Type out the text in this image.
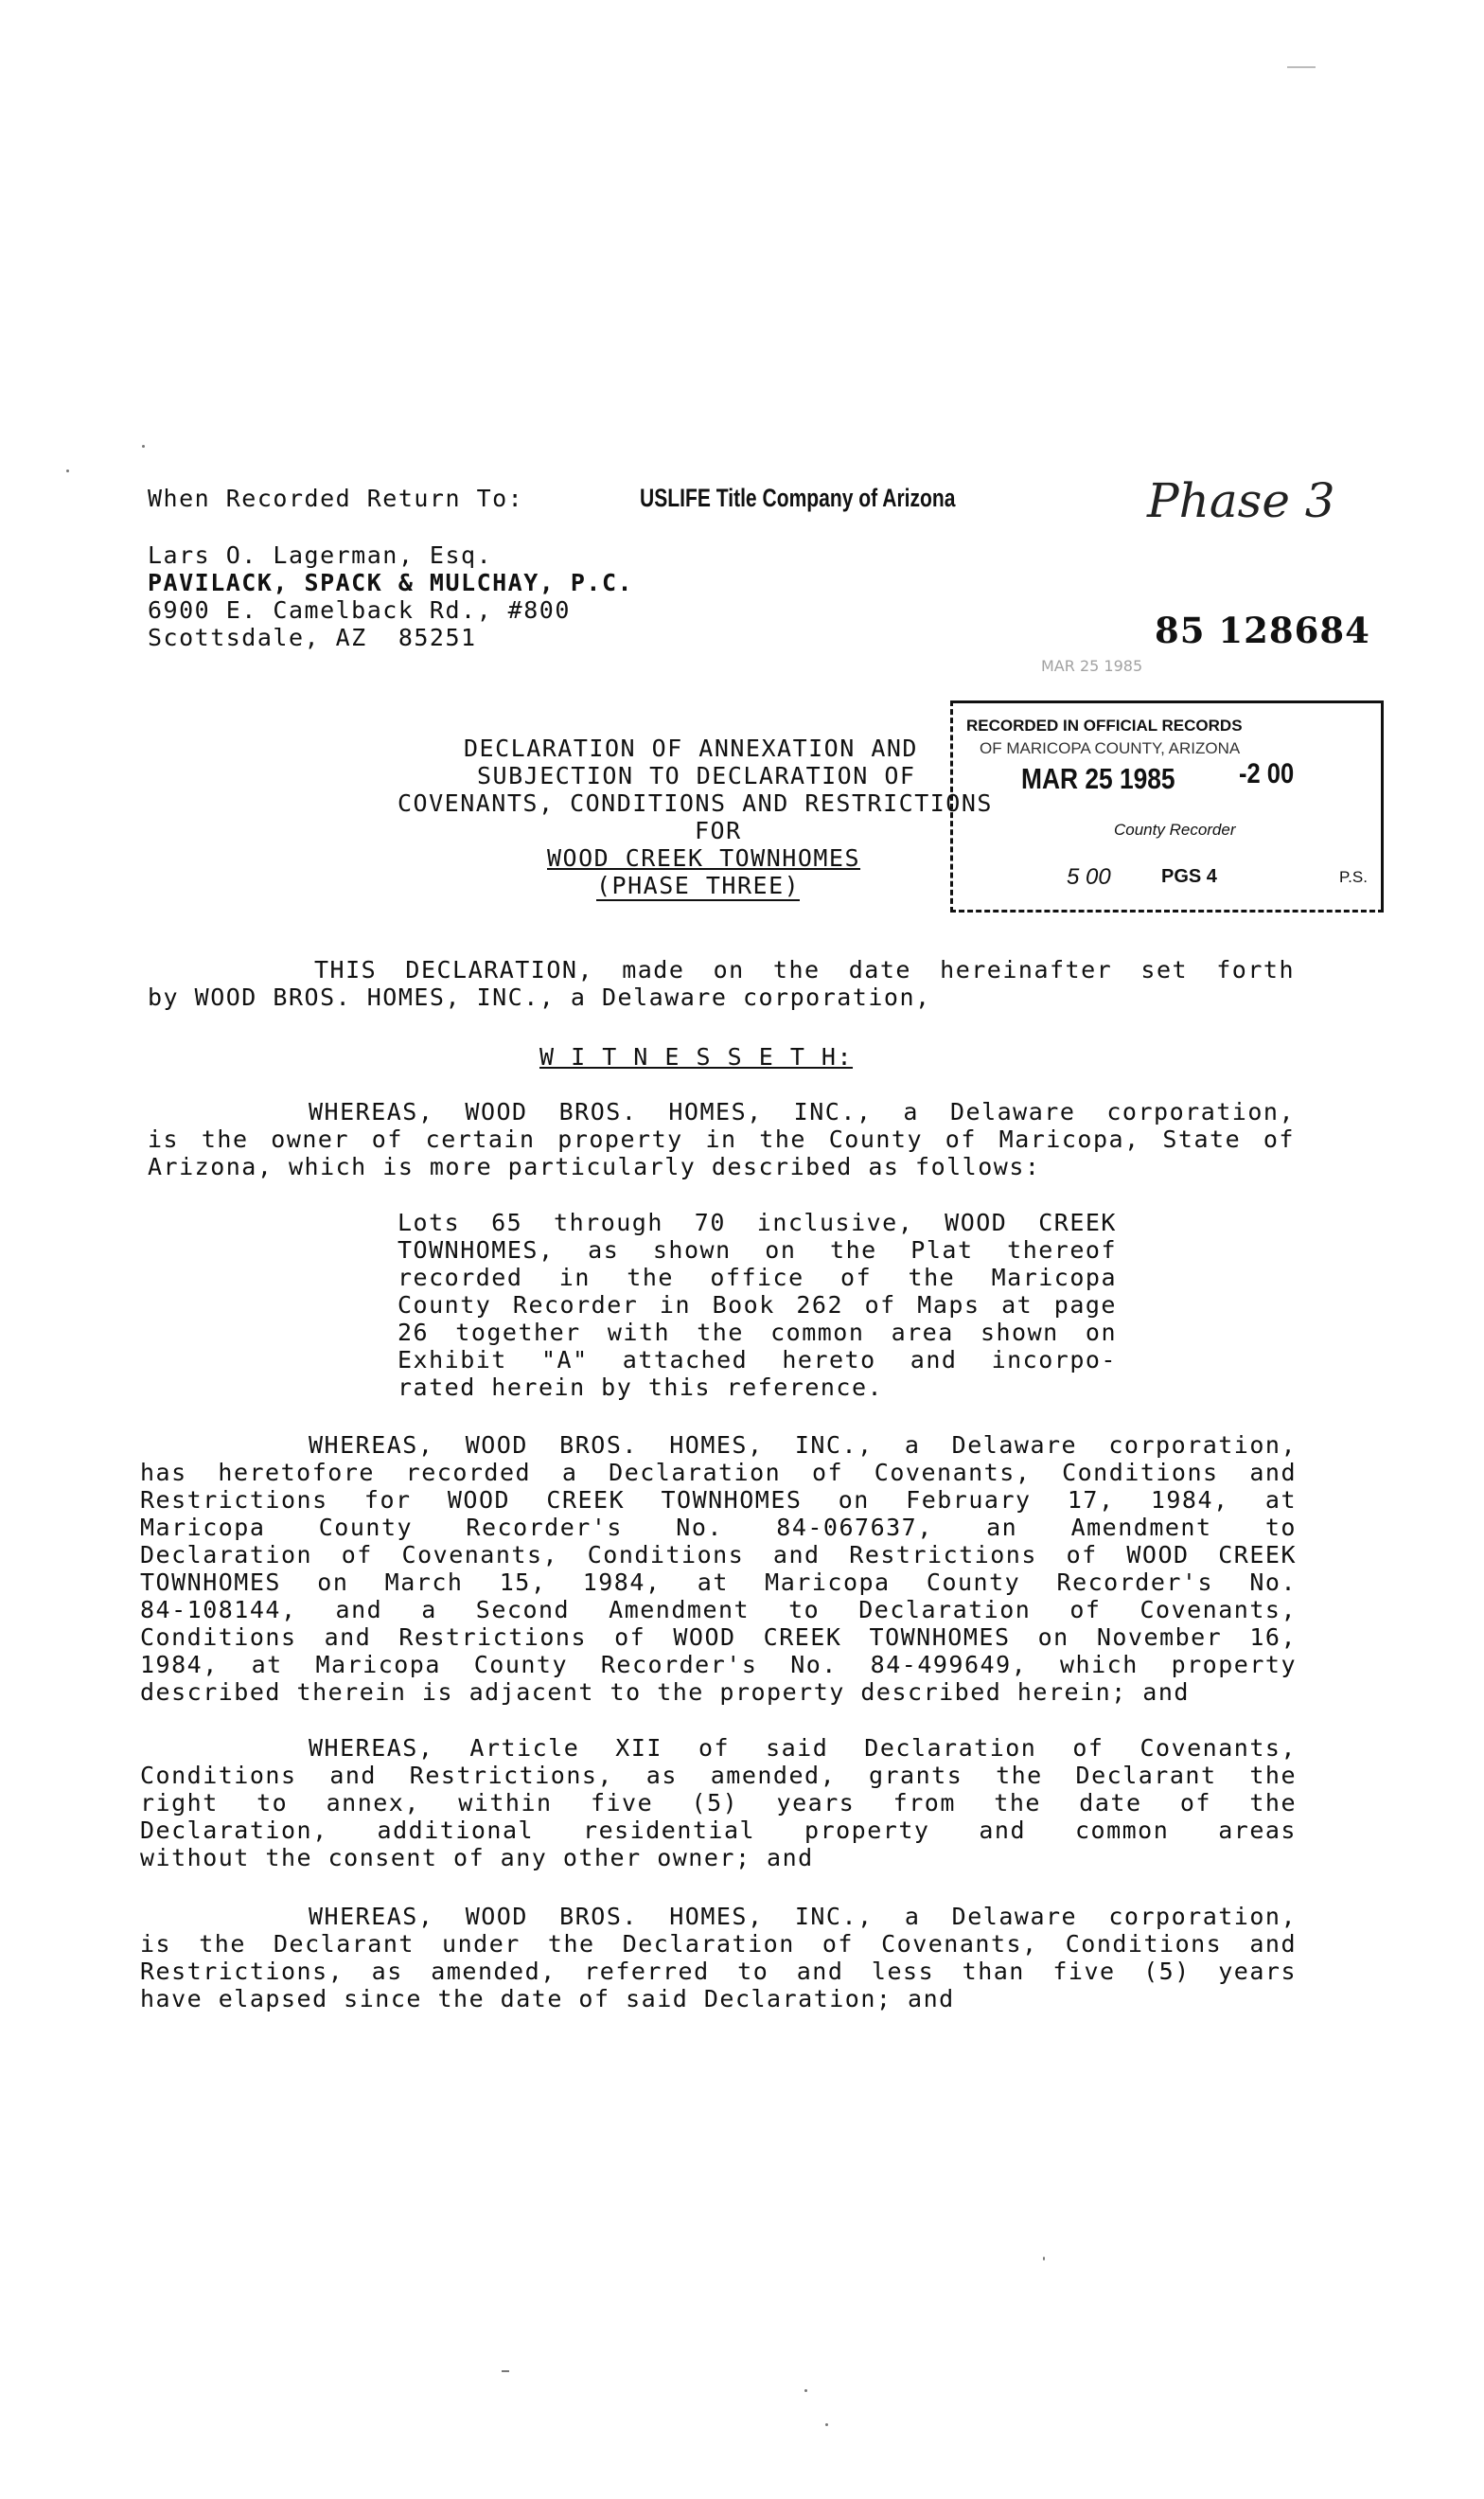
When Recorded Return To:	USLIFE Title Company of Arizona	Phase 3
Lars O. Lagerman, Esq.
PAVILACK, SPACK & MULCHAY, P.C.
6900 E. Camelback Rd., #800
Scottsdale, AZ  85251	85 128684
MAR 25 1985
RECORDED IN OFFICIAL RECORDS
OF MARICOPA COUNTY, ARIZONA
MAR 25 1985 -2 00
County Recorder
5 00	PGS 4	P.S.
DECLARATION OF ANNEXATION AND
SUBJECTION TO DECLARATION OF
COVENANTS, CONDITIONS AND RESTRICTIONS
FOR
WOOD CREEK TOWNHOMES
(PHASE THREE)
THIS DECLARATION, made on the date hereinafter set forth
by WOOD BROS. HOMES, INC., a Delaware corporation,
W I T N E S S E T H:
WHEREAS, WOOD BROS. HOMES, INC., a Delaware corporation,
is the owner of certain property in the County of Maricopa, State of
Arizona, which is more particularly described as follows:
Lots 65 through 70 inclusive, WOOD CREEK
TOWNHOMES, as shown on the Plat thereof
recorded in the office of the Maricopa
County Recorder in Book 262 of Maps at page
26 together with the common area shown on
Exhibit "A" attached hereto and incorpo-
rated herein by this reference.
WHEREAS, WOOD BROS. HOMES, INC., a Delaware corporation,
has heretofore recorded a Declaration of Covenants, Conditions and
Restrictions for WOOD CREEK TOWNHOMES on February 17, 1984, at
Maricopa County Recorder's No. 84-067637, an Amendment to
Declaration of Covenants, Conditions and Restrictions of WOOD CREEK
TOWNHOMES on March 15, 1984, at Maricopa County Recorder's No.
84-108144, and a Second Amendment to Declaration of Covenants,
Conditions and Restrictions of WOOD CREEK TOWNHOMES on November 16,
1984, at Maricopa County Recorder's No. 84-499649, which property
described therein is adjacent to the property described herein; and
WHEREAS, Article XII of said Declaration of Covenants,
Conditions and Restrictions, as amended, grants the Declarant the
right to annex, within five (5) years from the date of the
Declaration, additional residential property and common areas
without the consent of any other owner; and
WHEREAS, WOOD BROS. HOMES, INC., a Delaware corporation,
is the Declarant under the Declaration of Covenants, Conditions and
Restrictions, as amended, referred to and less than five (5) years
have elapsed since the date of said Declaration; and
